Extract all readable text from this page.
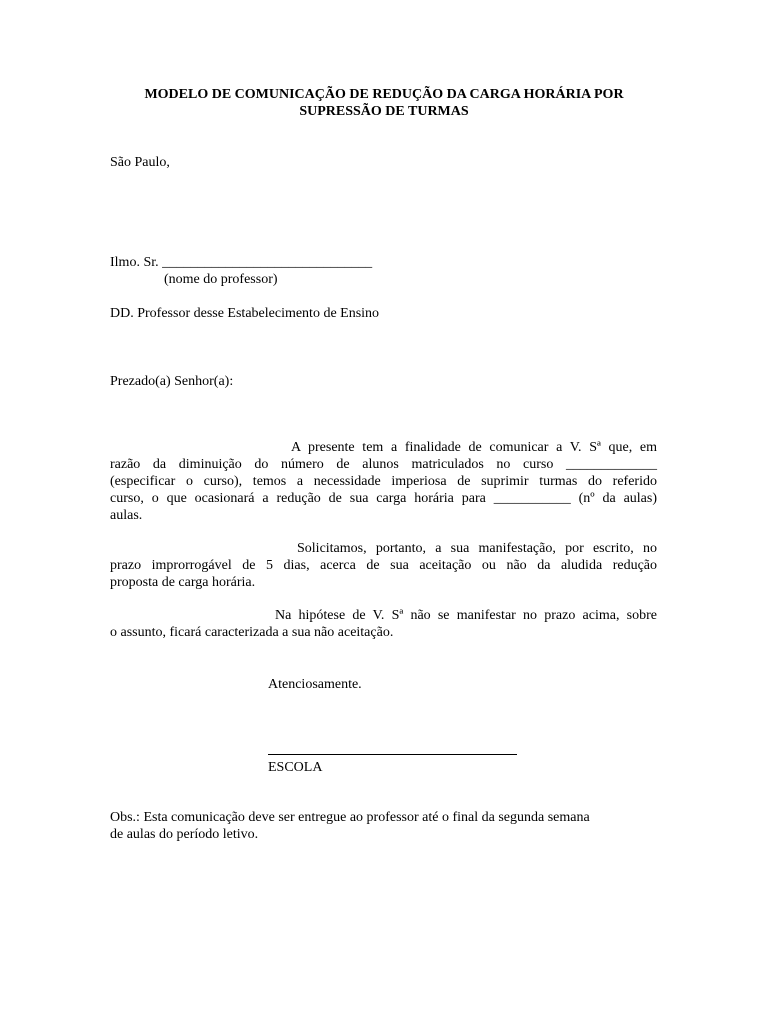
MODELO DE COMUNICAÇÃO DE REDUÇÃO DA CARGA HORÁRIA POR
SUPRESSÃO DE TURMAS
São Paulo,
Ilmo. Sr. ______________________________
(nome do professor)
DD. Professor desse Estabelecimento de Ensino
Prezado(a) Senhor(a):
A presente tem a finalidade de comunicar a V. Sª que, em
razão da diminuição do número de alunos matriculados no curso _____________
(especificar o curso), temos a necessidade imperiosa de suprimir turmas do referido
curso, o que ocasionará a redução de sua carga horária para ___________ (nº da aulas)
aulas.
Solicitamos, portanto, a sua manifestação, por escrito, no
prazo improrrogável de 5 dias, acerca de sua aceitação ou não da aludida redução
proposta de carga horária.
Na hipótese de V. Sª não se manifestar no prazo acima, sobre
o assunto, ficará caracterizada a sua não aceitação.
Atenciosamente.
ESCOLA
Obs.: Esta comunicação deve ser entregue ao professor até o final da segunda semana
de aulas do período letivo.
